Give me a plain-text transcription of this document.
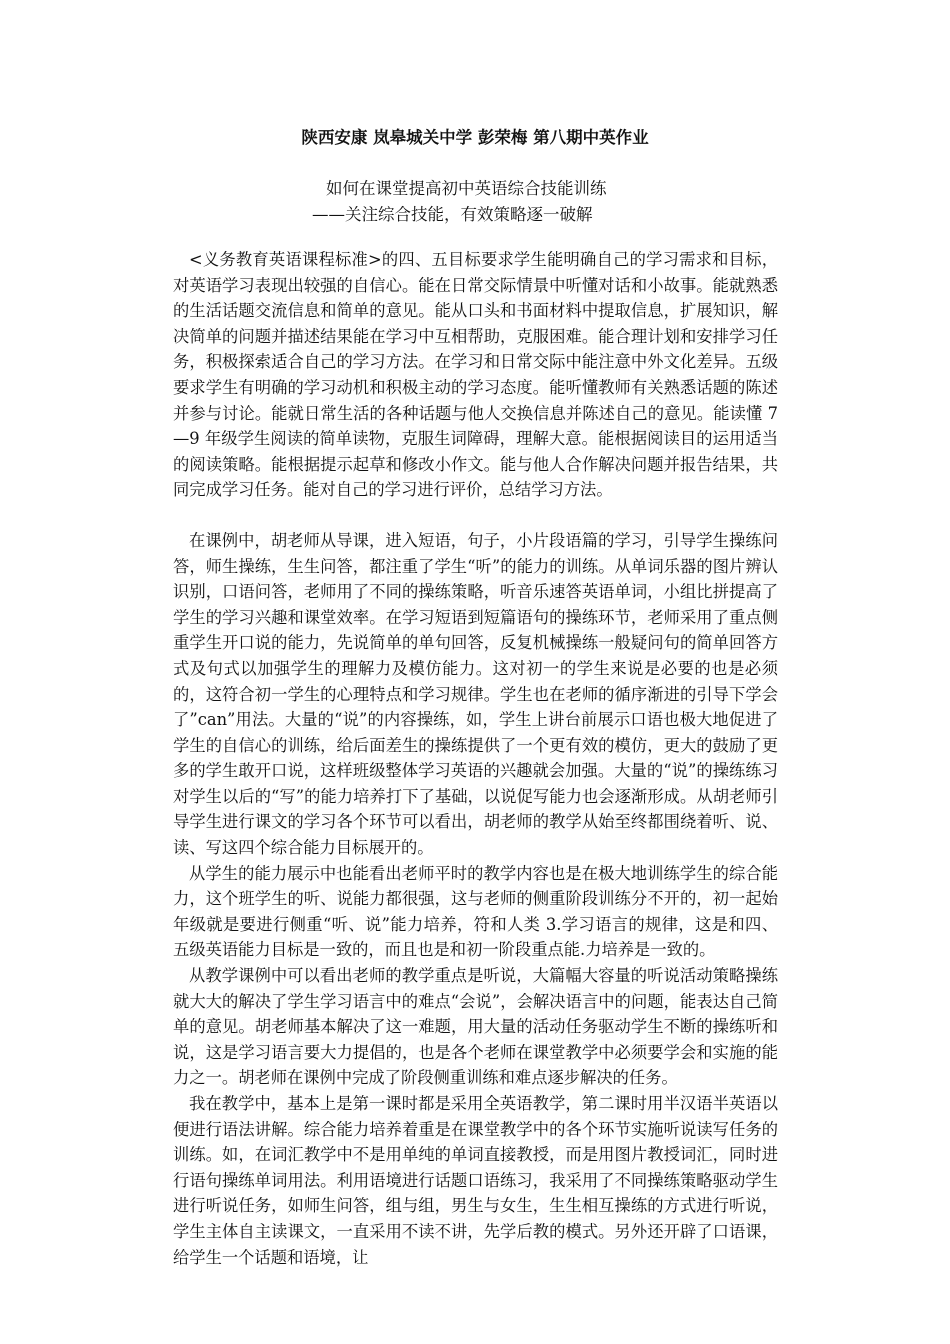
陕西安康 岚皋城关中学 彭荣梅 第八期中英作业
如何在课堂提高初中英语综合技能训练
——关注综合技能，有效策略逐一破解

<义务教育英语课程标准>的四、五目标要求学生能明确自己的学习需求和目标，对英语学习表现出较强的自信心。能在日常交际情景中听懂对话和小故事。能就熟悉的生活话题交流信息和简单的意见。能从口头和书面材料中提取信息，扩展知识，解决简单的问题并描述结果能在学习中互相帮助，克服困难。能合理计划和安排学习任务，积极探索适合自己的学习方法。在学习和日常交际中能注意中外文化差异。五级要求学生有明确的学习动机和积极主动的学习态度。能听懂教师有关熟悉话题的陈述并参与讨论。能就日常生活的各种话题与他人交换信息并陈述自己的意见。能读懂 7—9 年级学生阅读的简单读物，克服生词障碍，理解大意。能根据阅读目的运用适当的阅读策略。能根据提示起草和修改小作文。能与他人合作解决问题并报告结果，共同完成学习任务。能对自己的学习进行评价，总结学习方法。

在课例中，胡老师从导课，进入短语，句子，小片段语篇的学习，引导学生操练问答，师生操练，生生问答，都注重了学生“听”的能力的训练。从单词乐器的图片辨认识别，口语问答，老师用了不同的操练策略，听音乐速答英语单词，小组比拼提高了学生的学习兴趣和课堂效率。在学习短语到短篇语句的操练环节，老师采用了重点侧重学生开口说的能力，先说简单的单句回答，反复机械操练一般疑问句的简单回答方式及句式以加强学生的理解力及模仿能力。这对初一的学生来说是必要的也是必须的，这符合初一学生的心理特点和学习规律。学生也在老师的循序渐进的引导下学会了”can”用法。大量的“说”的内容操练，如，学生上讲台前展示口语也极大地促进了学生的自信心的训练，给后面差生的操练提供了一个更有效的模仿，更大的鼓励了更多的学生敢开口说，这样班级整体学习英语的兴趣就会加强。大量的“说”的操练练习对学生以后的“写”的能力培养打下了基础，以说促写能力也会逐渐形成。从胡老师引导学生进行课文的学习各个环节可以看出，胡老师的教学从始至终都围绕着听、说、读、写这四个综合能力目标展开的。

从学生的能力展示中也能看出老师平时的教学内容也是在极大地训练学生的综合能力，这个班学生的听、说能力都很强，这与老师的侧重阶段训练分不开的，初一起始年级就是要进行侧重“听、说”能力培养，符和人类 3.学习语言的规律，这是和四、五级英语能力目标是一致的，而且也是和初一阶段重点能.力培养是一致的。

从教学课例中可以看出老师的教学重点是听说，大篇幅大容量的听说活动策略操练就大大的解决了学生学习语言中的难点“会说”，会解决语言中的问题，能表达自己简单的意见。胡老师基本解决了这一难题，用大量的活动任务驱动学生不断的操练听和说，这是学习语言要大力提倡的，也是各个老师在课堂教学中必须要学会和实施的能力之一。胡老师在课例中完成了阶段侧重训练和难点逐步解决的任务。

我在教学中，基本上是第一课时都是采用全英语教学，第二课时用半汉语半英语以便进行语法讲解。综合能力培养着重是在课堂教学中的各个环节实施听说读写任务的训练。如，在词汇教学中不是用单纯的单词直接教授，而是用图片教授词汇，同时进行语句操练单词用法。利用语境进行话题口语练习，我采用了不同操练策略驱动学生进行听说任务，如师生问答，组与组，男生与女生，生生相互操练的方式进行听说，学生主体自主读课文，一直采用不读不讲，先学后教的模式。另外还开辟了口语课，给学生一个话题和语境，让
